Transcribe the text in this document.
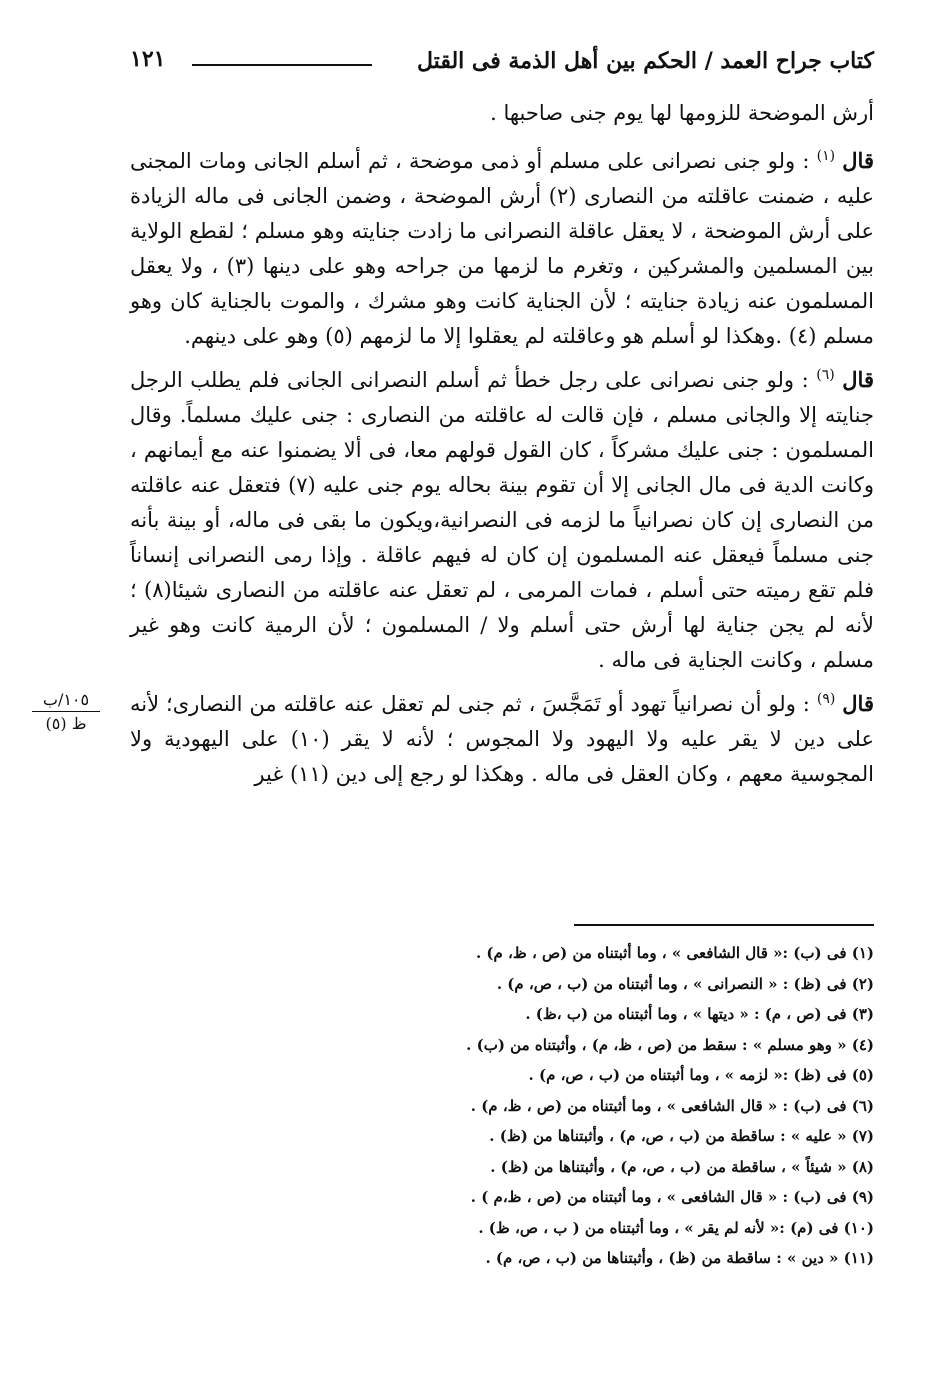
كتاب جراح العمد / الحكم بين أهل الذمة فى القتل
١٢١

أرش الموضحة للزومها لها يوم جنى صاحبها .

قال $^{(١)}$ : ولو جنى نصرانى على مسلم أو ذمى موضحة ، ثم أسلم الجانى ومات المجنى عليه ، ضمنت عاقلته من النصارى (٢) أرش الموضحة ، وضمن الجانى فى ماله الزيادة على أرش الموضحة ، لا يعقل عاقلة النصرانى ما زادت جنايته وهو مسلم ؛ لقطع الولاية بين المسلمين والمشركين ، وتغرم ما لزمها من جراحه وهو على دينها (٣) ، ولا يعقل المسلمون عنه زيادة جنايته ؛ لأن الجناية كانت وهو مشرك ، والموت بالجناية كان وهو مسلم (٤) .وهكذا لو أسلم هو وعاقلته لم يعقلوا إلا ما لزمهم (٥) وهو على دينهم.

قال $^{(٦)}$ : ولو جنى نصرانى على رجل خطأ ثم أسلم النصرانى الجانى فلم يطلب الرجل جنايته إلا والجانى مسلم ، فإن قالت له عاقلته من النصارى : جنى عليك مسلماً. وقال المسلمون : جنى عليك مشركاً ، كان القول قولهم معا، فى ألا يضمنوا عنه مع أيمانهم ، وكانت الدية فى مال الجانى إلا أن تقوم بينة بحاله يوم جنى عليه (٧) فتعقل عنه عاقلته من النصارى إن كان نصرانياً ما لزمه فى النصرانية،ويكون ما بقى فى ماله، أو بينة بأنه جنى مسلماً فيعقل عنه المسلمون إن كان له فيهم عاقلة . وإذا رمى النصرانى إنساناً فلم تقع رميته حتى أسلم ، فمات المرمى ، لم تعقل عنه عاقلته من النصارى شيئا(٨) ؛ لأنه لم يجن جناية لها أرش حتى أسلم ولا / المسلمون ؛ لأن الرمية كانت وهو غير مسلم ، وكانت الجناية فى ماله .

قال $^{(٩)}$ : ولو أن نصرانياً تهود أو تَمَجَّسَ ، ثم جنى لم تعقل عنه عاقلته من النصارى؛ لأنه على دين لا يقر عليه ولا اليهود ولا المجوس ؛ لأنه لا يقر (١٠) على اليهودية ولا المجوسية معهم ، وكان العقل فى ماله . وهكذا لو رجع إلى دين (١١) غير

١٠٥/ب
ظ (٥)
(١) فى (ب) :« قال الشافعى » ، وما أثبتناه من (ص ، ظ، م) .
(٢) فى (ظ) : « النصرانى » ، وما أثبتناه من (ب ، ص، م) .
(٣) فى (ص ، م) : « ديتها » ، وما أثبتناه من (ب ،ظ) .
(٤) « وهو مسلم » : سقط من (ص ، ظ، م) ، وأثبتناه من (ب) .
(٥) فى (ظ) :« لزمه » ، وما أثبتناه من (ب ، ص، م) .
(٦) فى (ب) : « قال الشافعى » ، وما أثبتناه من (ص ، ظ، م) .
(٧) « عليه » : ساقطة من (ب ، ص، م) ، وأثبتناها من (ظ) .
(٨) « شيئاً » ، ساقطة من (ب ، ص، م) ، وأثبتناها من (ظ) .
(٩) فى (ب) : « قال الشافعى » ، وما أثبتناه من (ص ، ظ،م ) .
(١٠) فى (م) :« لأنه لم يقر » ، وما أثبتناه من ( ب ، ص، ظ) .
(١١) « دين » : ساقطة من (ظ) ، وأثبتناها من (ب ، ص، م) .
